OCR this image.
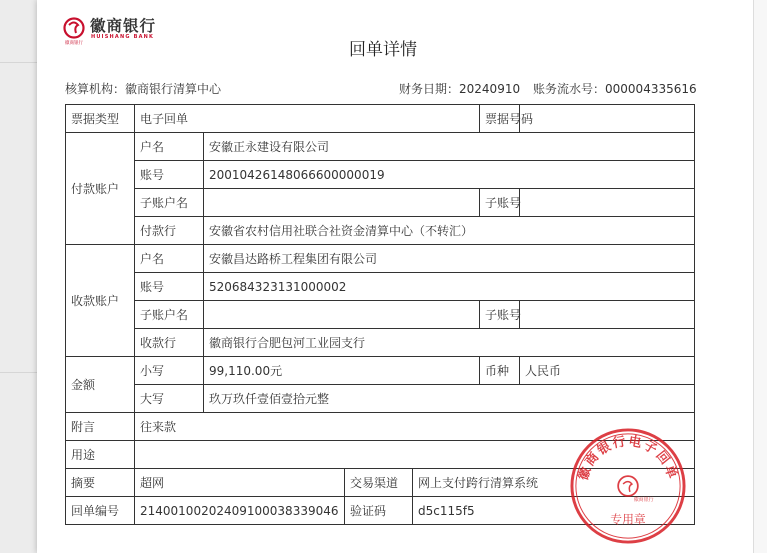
徽商银行
徽商银行
HUISHANG BANK
回单详情
核算机构：徽商银行清算中心	财务日期：20240910 账务流水号：000004335616
票据类型	电子回单				票据号码	
付款账户	户名	安徽正永建设有限公司				
	账号	20010426148066600000019				
	子账户名				子账号	
	付款行	安徽省农村信用社联合社资金清算中心（不转汇）				
收款账户	户名	安徽昌达路桥工程集团有限公司				
	账号	520684323131000002				
	子账户名				子账号	
	收款行	徽商银行合肥包河工业园支行				
金额	小写	99,110.00元			币种	人民币
	大写	玖万玖仟壹佰壹拾元整				
附言	往来款					
用途						
摘要	超网		交易渠道	网上支付跨行清算系统		
回单编号	21400100202409100038339046		验证码	d5c115f5		
徽商银行电子回单
徽商银行
专用章
